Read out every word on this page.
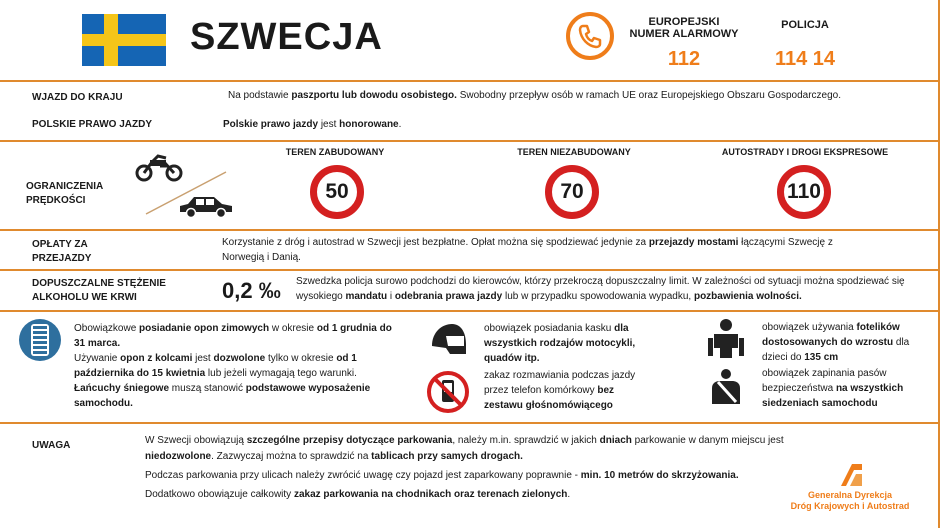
SZWECJA	EUROPEJSKI NUMER ALARMOWY
112
POLICJA
114 14
WJAZD DO KRAJU	Na podstawie paszportu lub dowodu osobistego. Swobodny przepływ osób w ramach UE oraz Europejskiego Obszaru Gospodarczego.
POLSKIE PRAWO JAZDY	Polskie prawo jazdy jest honorowane.
OGRANICZENIA PRĘDKOŚCI
TEREN ZABUDOWANY
50
TEREN NIEZABUDOWANY
70
AUTOSTRADY I DROGI EKSPRESOWE
110
OPŁATY ZA PRZEJAZDY
Korzystanie z dróg i autostrad w Szwecji jest bezpłatne. Opłat można się spodziewać jedynie za przejazdy mostami łączącymi Szwecję z Norwegią i Danią.
DOPUSZCZALNE STĘŻENIE ALKOHOLU WE KRWI	0,2 ‰ Szwedzka policja surowo podchodzi do kierowców, którzy przekroczą dopuszczalny limit. W zależności od sytuacji można spodziewać się wysokiego mandatu i odebrania prawa jazdy lub w przypadku spowodowania wypadku, pozbawienia wolności.
Obowiązkowe posiadanie opon zimowych w okresie od 1 grudnia do 31 marca.
Używanie opon z kolcami jest dozwolone tylko w okresie od 1 października do 15 kwietnia lub jeżeli wymagają tego warunki.
Łańcuchy śniegowe muszą stanowić podstawowe wyposażenie samochodu.
obowiązek posiadania kasku dla wszystkich rodzajów motocykli, quadów itp.
zakaz rozmawiania podczas jazdy przez telefon komórkowy bez zestawu głośnomówiącego
obowiązek używania fotelików dostosowanych do wzrostu dla dzieci do 135 cm
obowiązek zapinania pasów bezpieczeństwa na wszystkich siedzeniach samochodu
UWAGA	W Szwecji obowiązują szczególne przepisy dotyczące parkowania, należy m.in. sprawdzić w jakich dniach parkowanie w danym miejscu jest niedozwolone. Zazwyczaj można to sprawdzić na tablicach przy samych drogach.
Podczas parkowania przy ulicach należy zwrócić uwagę czy pojazd jest zaparkowany poprawnie - min. 10 metrów do skrzyżowania.
Dodatkowo obowiązuje całkowity zakaz parkowania na chodnikach oraz terenach zielonych.	Generalna Dyrekcja
Dróg Krajowych i Autostrad
